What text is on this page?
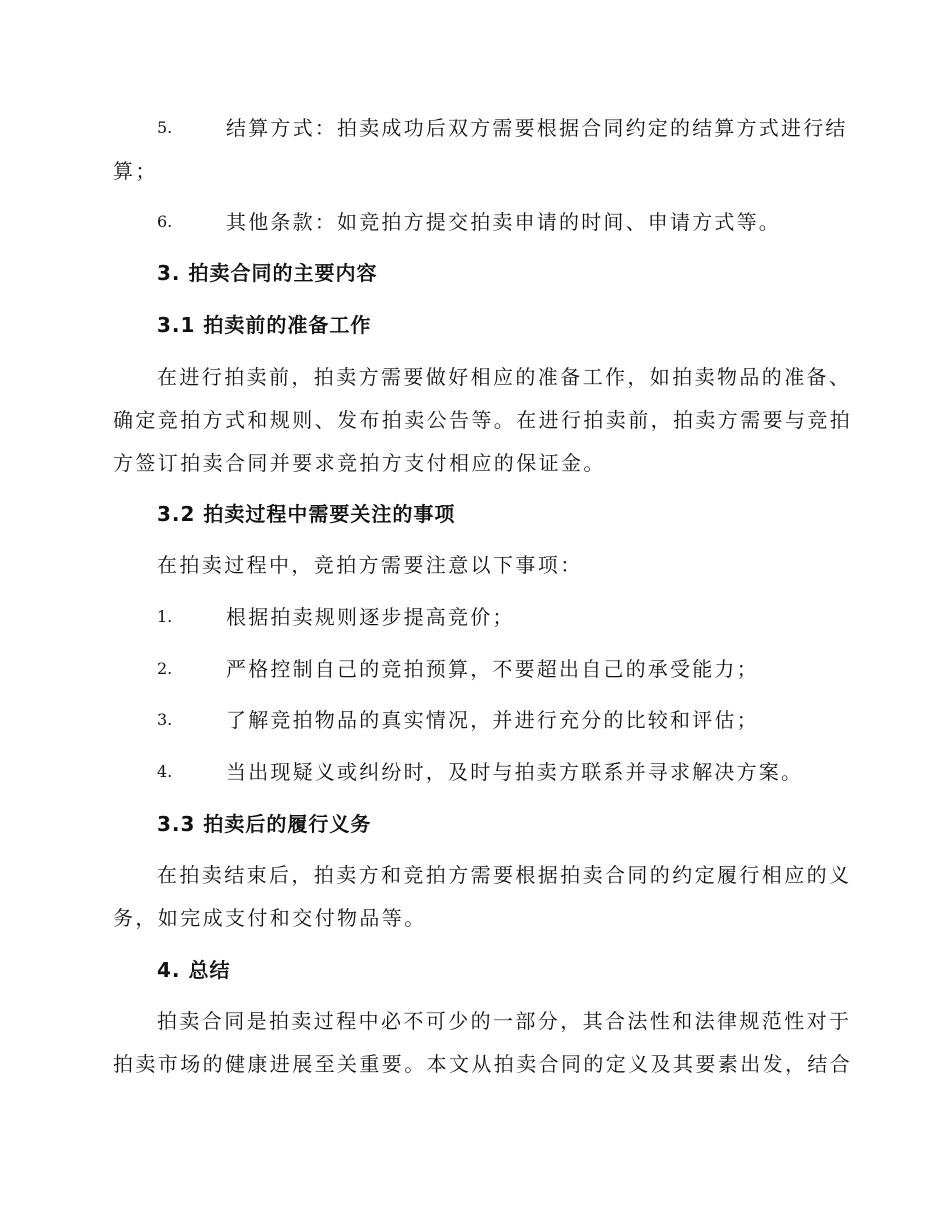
5.	结算方式：拍卖成功后双方需要根据合同约定的结算方式进行结
算；
6.	其他条款：如竞拍方提交拍卖申请的时间、申请方式等。
3. 拍卖合同的主要内容
3.1 拍卖前的准备工作
在进行拍卖前，拍卖方需要做好相应的准备工作，如拍卖物品的准备、
确定竞拍方式和规则、发布拍卖公告等。在进行拍卖前，拍卖方需要与竞拍
方签订拍卖合同并要求竞拍方支付相应的保证金。
3.2 拍卖过程中需要关注的事项
在拍卖过程中，竞拍方需要注意以下事项：
1.	根据拍卖规则逐步提高竞价；
2.	严格控制自己的竞拍预算，不要超出自己的承受能力；
3.	了解竞拍物品的真实情况，并进行充分的比较和评估；
4.	当出现疑义或纠纷时，及时与拍卖方联系并寻求解决方案。
3.3 拍卖后的履行义务
在拍卖结束后，拍卖方和竞拍方需要根据拍卖合同的约定履行相应的义
务，如完成支付和交付物品等。
4. 总结
拍卖合同是拍卖过程中必不可少的一部分，其合法性和法律规范性对于
拍卖市场的健康进展至关重要。本文从拍卖合同的定义及其要素出发，结合
